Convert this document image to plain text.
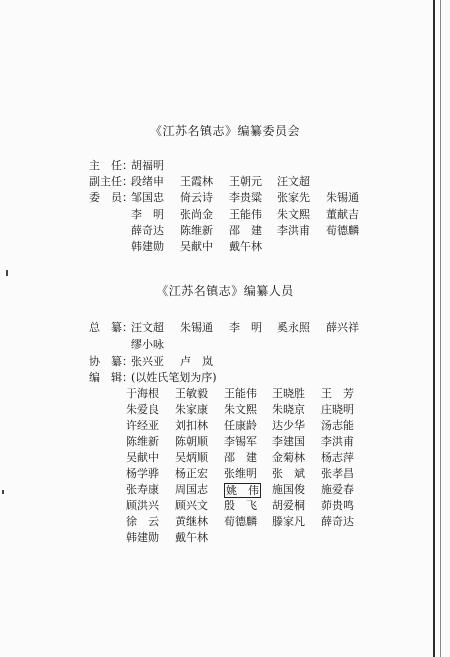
《江苏名镇志》编纂委员会
主　任：
胡福明
副主任：
段绪申 王霞林 王朝元 汪文超
委　员：
邹国忠 倚云诗 李贵粱 张家先 朱锡通
李　明 张尚金 王能伟 朱文熙 董献吉
薛奇达 陈维新 邵　建 李洪甫 荀德麟
韩建勋 吴献中 戴午林
《江苏名镇志》编纂人员
总　纂：
汪文超 朱锡通 李　明 奚永照 薛兴祥
缪小咏
协　纂：
张兴亚 卢　岚
编　辑：
(以姓氏笔划为序)
于海根 王敏毅 王能伟 王晓胜 王　芳
朱爱良 朱家康 朱文熙 朱晓京 庄晓明
许经亚 刘扣林 任康龄 达少华 汤志能
陈维新 陈朝顺 李锡军 李建国 李洪甫
吴献中 吴炳顺 邵　建 金菊林 杨志萍
杨学骅 杨正宏 张维明 张　斌 张孝昌
张寿康 周国志 姚　伟 施国俊 施爱春
顾洪兴 顾兴文 殷　飞 胡爱桐 茆贵鸣
徐　云 黄继林 荀德麟 滕家凡 薛奇达
韩建勋 戴午林
